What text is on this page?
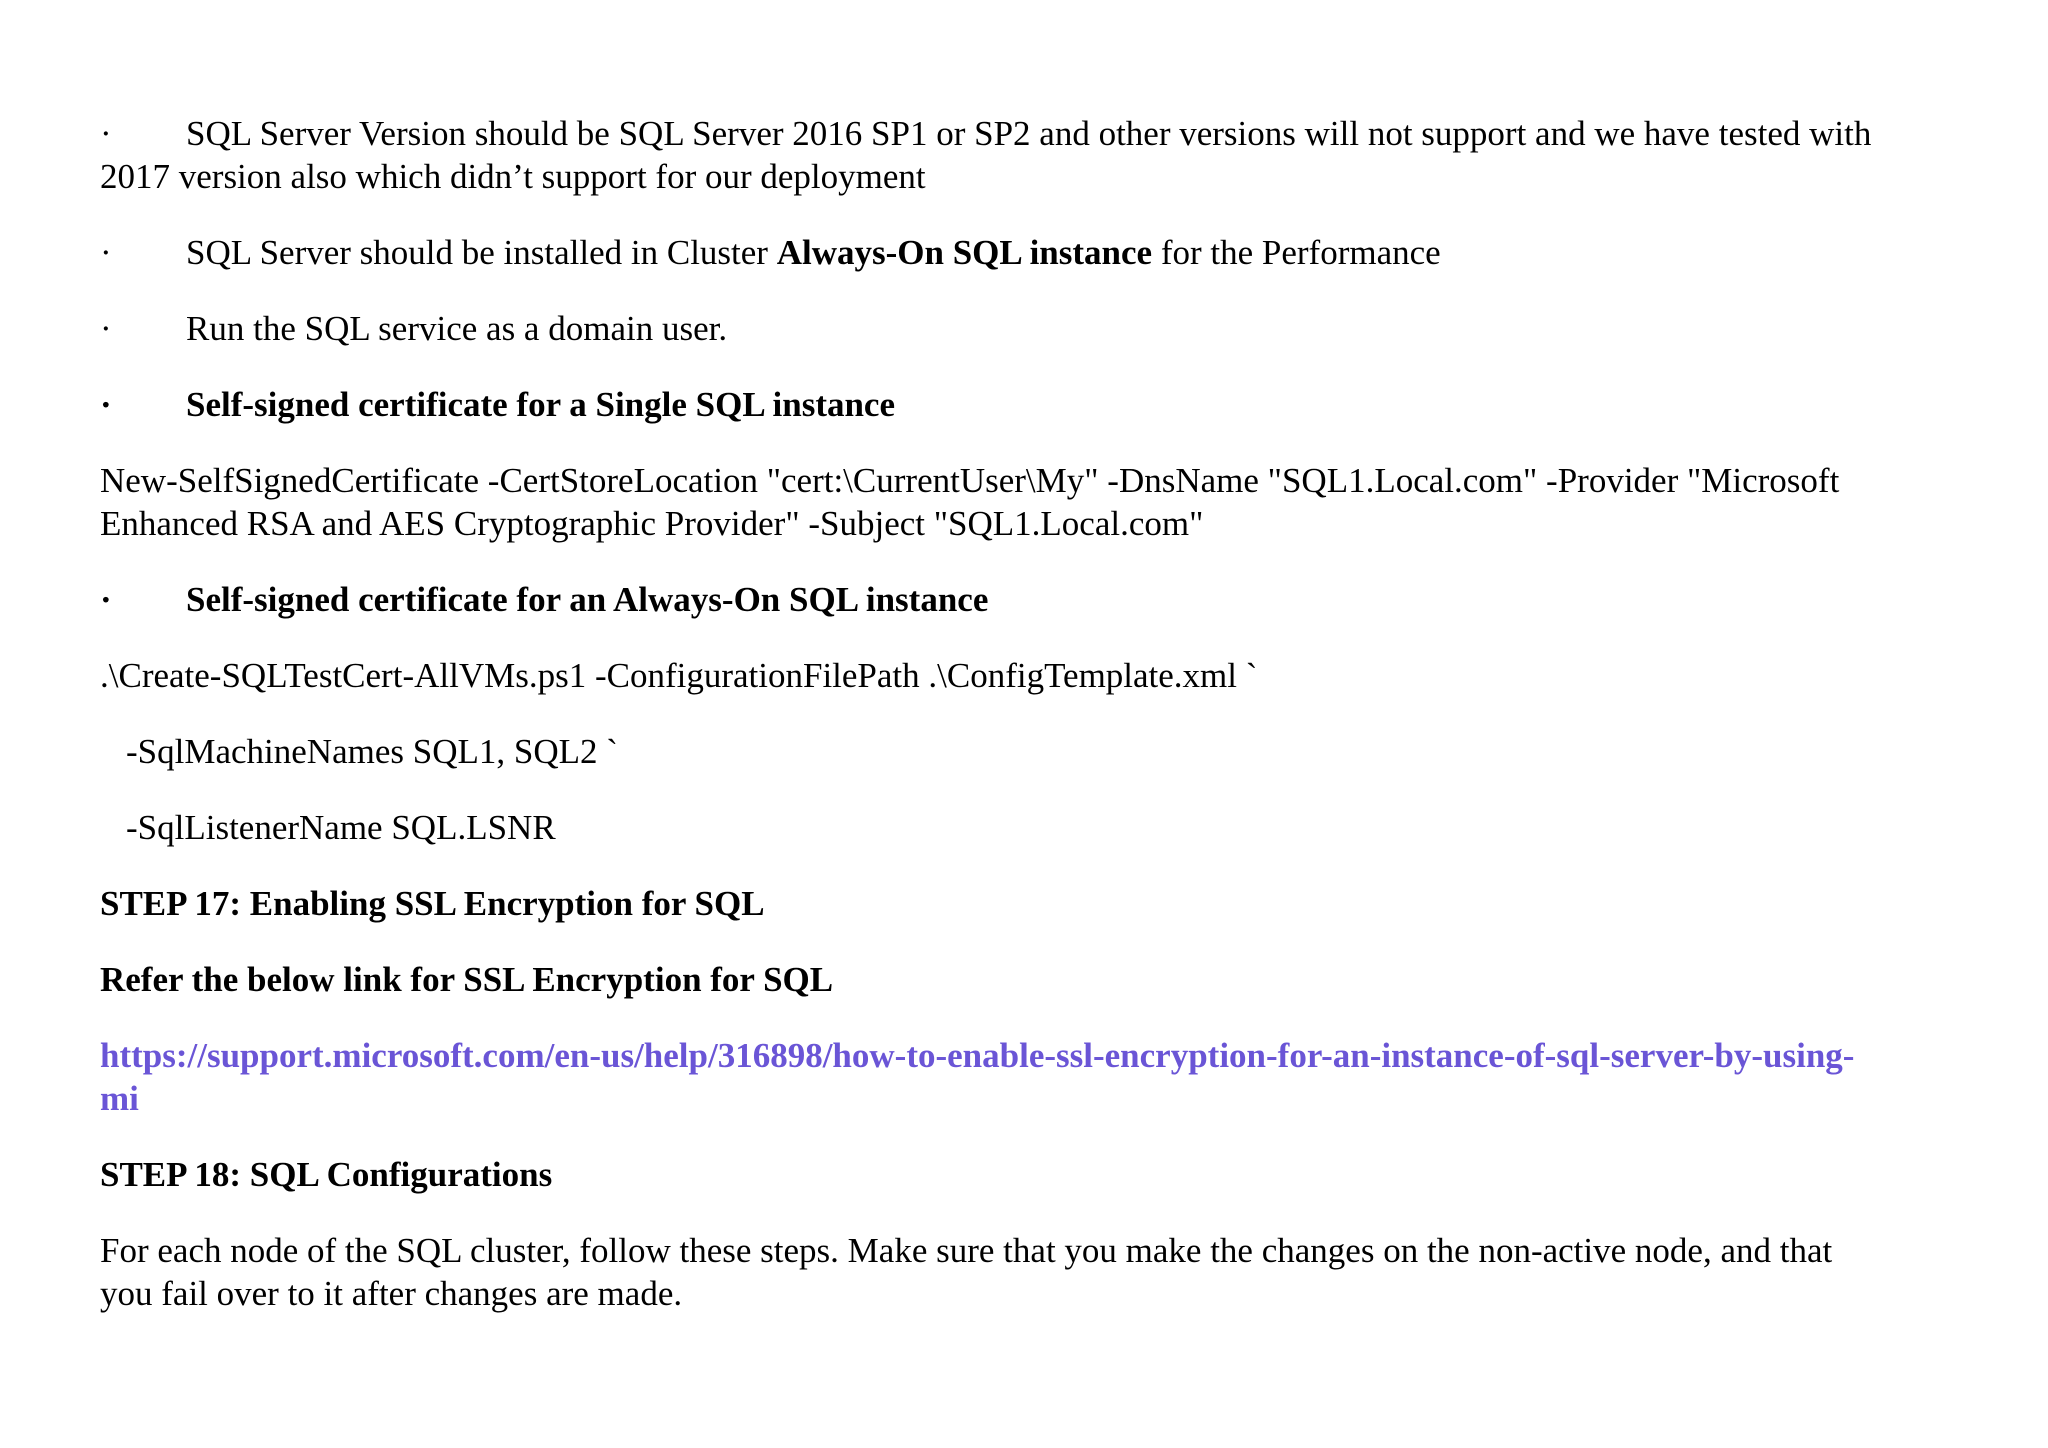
· SQL Server Version should be SQL Server 2016 SP1 or SP2 and other versions will not support and we have tested with
2017 version also which didn’t support for our deployment
· SQL Server should be installed in Cluster Always-On SQL instance for the Performance
· Run the SQL service as a domain user.
· Self-signed certificate for a Single SQL instance
New-SelfSignedCertificate -CertStoreLocation "cert:\CurrentUser\My" -DnsName "SQL1.Local.com" -Provider "Microsoft
Enhanced RSA and AES Cryptographic Provider" -Subject "SQL1.Local.com"
· Self-signed certificate for an Always-On SQL instance
.\Create-SQLTestCert-AllVMs.ps1 -ConfigurationFilePath .\ConfigTemplate.xml `
-SqlMachineNames SQL1, SQL2 `
-SqlListenerName SQL.LSNR
STEP 17: Enabling SSL Encryption for SQL
Refer the below link for SSL Encryption for SQL
https://support.microsoft.com/en-us/help/316898/how-to-enable-ssl-encryption-for-an-instance-of-sql-server-by-using-
mi
STEP 18: SQL Configurations
For each node of the SQL cluster, follow these steps. Make sure that you make the changes on the non-active node, and that
you fail over to it after changes are made.
